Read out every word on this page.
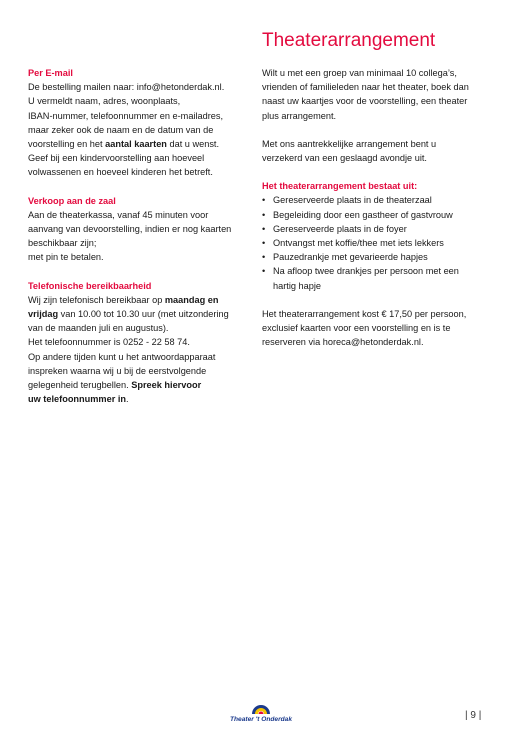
Theaterarrangement

Per E-mail

De bestelling mailen naar: info@hetonderdak.nl.

U vermeldt naam, adres, woonplaats,

IBAN-nummer, telefoonnummer en e-mailadres,

maar zeker ook de naam en de datum van de

voorstelling en het aantal kaarten dat u wenst.

Geef bij een kindervoorstelling aan hoeveel

volwassenen en hoeveel kinderen het betreft.

Verkoop aan de zaal

Aan de theaterkassa, vanaf 45 minuten voor

aanvang van devoorstelling, indien er nog kaarten

beschikbaar zijn;

met pin te betalen.

Telefonische bereikbaarheid

Wij zijn telefonisch bereikbaar op maandag en

vrijdag van 10.00 tot 10.30 uur (met uitzondering

van de maanden juli en augustus).

Het telefoonnummer is 0252 - 22 58 74.

Op andere tijden kunt u het antwoordapparaat

inspreken waarna wij u bij de eerstvolgende

gelegenheid terugbellen. Spreek hiervoor

uw telefoonnummer in.

Wilt u met een groep van minimaal 10 collega’s,

vrienden of familieleden naar het theater, boek dan

naast uw kaartjes voor de voorstelling, een theater

plus arrangement.

Met ons aantrekkelijke arrangement bent u

verzekerd van een geslaagd avondje uit.

Het theaterarrangement bestaat uit:

• Gereserveerde plaats in de theaterzaal
• Begeleiding door een gastheer of gastvrouw
• Gereserveerde plaats in de foyer
• Ontvangst met koffie/thee met iets lekkers
• Pauzedrankje met gevarieerde hapjes
• Na afloop twee drankjes per persoon met een
hartig hapje

Het theaterarrangement kost € 17,50 per persoon,

exclusief kaarten voor een voorstelling en is te

reserveren via horeca@hetonderdak.nl.

Theater 't Onderdak	| 9 |
